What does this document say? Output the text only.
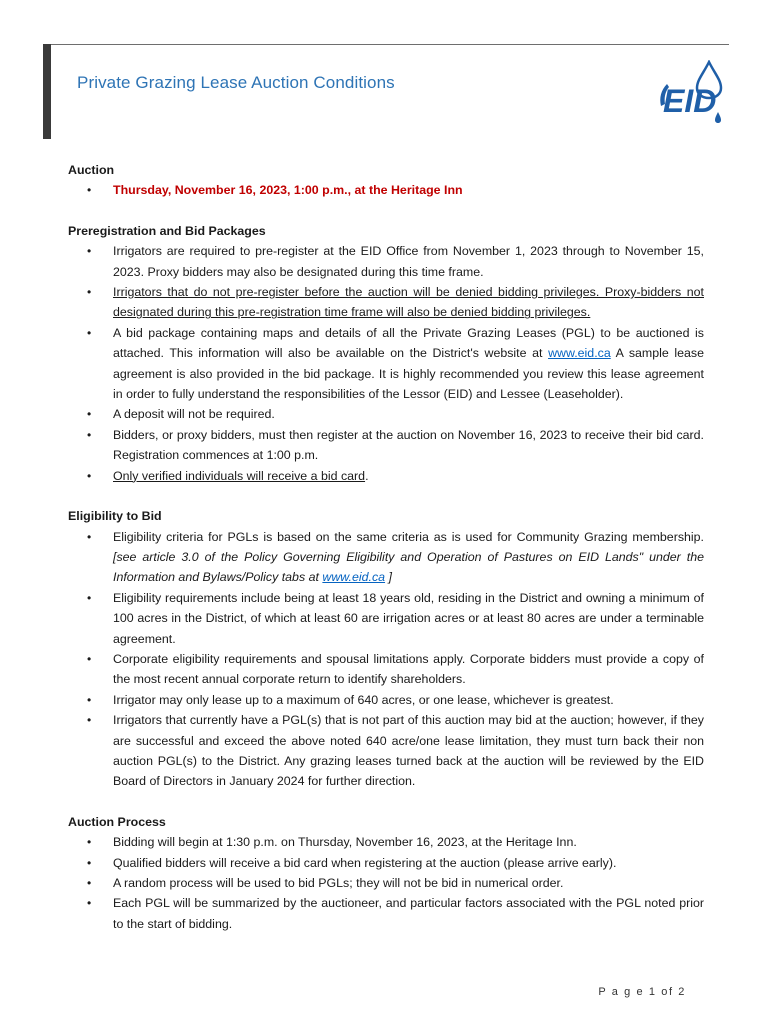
Private Grazing Lease Auction Conditions
EID

Auction

• Thursday, November 16, 2023, 1:00 p.m., at the Heritage Inn

Preregistration and Bid Packages

• Irrigators are required to pre-register at the EID Office from November 1, 2023 through to November 15, 2023. Proxy bidders may also be designated during this time frame.
• Irrigators that do not pre-register before the auction will be denied bidding privileges. Proxy-bidders not designated during this pre-registration time frame will also be denied bidding privileges.
• A bid package containing maps and details of all the Private Grazing Leases (PGL) to be auctioned is attached. This information will also be available on the District's website at www.eid.ca A sample lease agreement is also provided in the bid package. It is highly recommended you review this lease agreement in order to fully understand the responsibilities of the Lessor (EID) and Lessee (Leaseholder).
• A deposit will not be required.
• Bidders, or proxy bidders, must then register at the auction on November 16, 2023 to receive their bid card. Registration commences at 1:00 p.m.
• Only verified individuals will receive a bid card.

Eligibility to Bid

• Eligibility criteria for PGLs is based on the same criteria as is used for Community Grazing membership. [see article 3.0 of the Policy Governing Eligibility and Operation of Pastures on EID Lands" under the Information and Bylaws/Policy tabs at www.eid.ca ]
• Eligibility requirements include being at least 18 years old, residing in the District and owning a minimum of 100 acres in the District, of which at least 60 are irrigation acres or at least 80 acres are under a terminable agreement.
• Corporate eligibility requirements and spousal limitations apply. Corporate bidders must provide a copy of the most recent annual corporate return to identify shareholders.
• Irrigator may only lease up to a maximum of 640 acres, or one lease, whichever is greatest.
• Irrigators that currently have a PGL(s) that is not part of this auction may bid at the auction; however, if they are successful and exceed the above noted 640 acre/one lease limitation, they must turn back their non auction PGL(s) to the District. Any grazing leases turned back at the auction will be reviewed by the EID Board of Directors in January 2024 for further direction.

Auction Process

• Bidding will begin at 1:30 p.m. on Thursday, November 16, 2023, at the Heritage Inn.
• Qualified bidders will receive a bid card when registering at the auction (please arrive early).
• A random process will be used to bid PGLs; they will not be bid in numerical order.
• Each PGL will be summarized by the auctioneer, and particular factors associated with the PGL noted prior to the start of bidding.
P a g e 1 of 2
